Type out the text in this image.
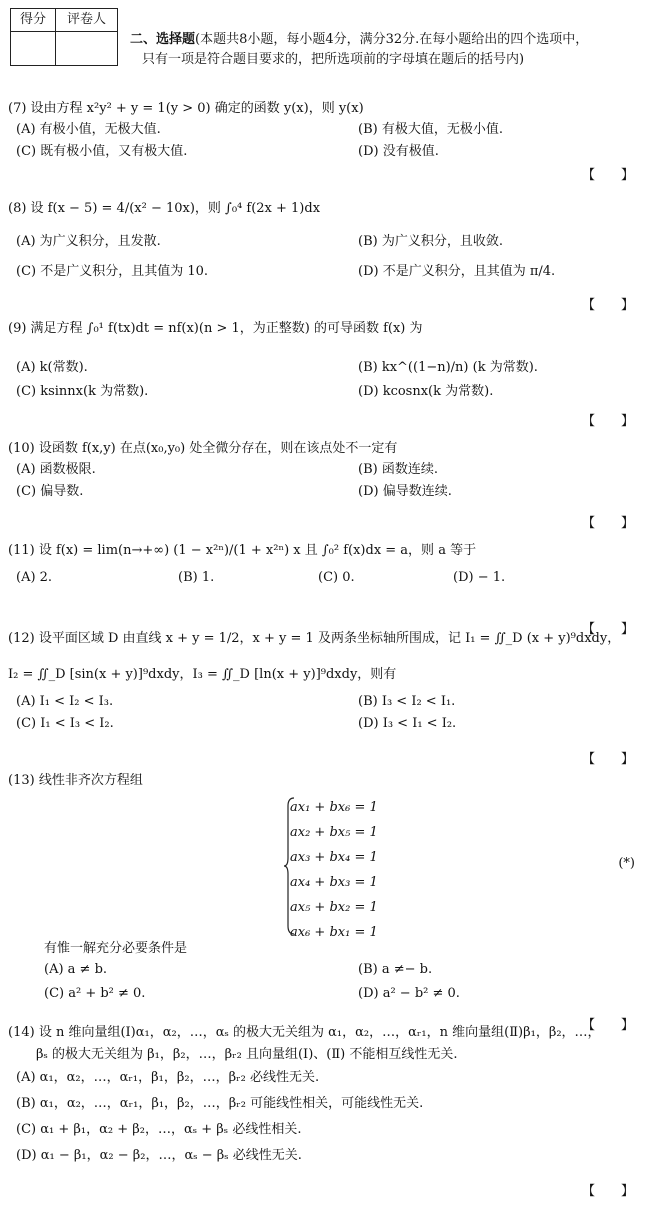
得分	评卷人
二、选择题(本题共8小题，每小题4分，满分32分.在每小题给出的四个选项中，
只有一项是符合题目要求的，把所选项前的字母填在题后的括号内)
(7) 设由方程 x²y² + y = 1(y > 0) 确定的函数 y(x)，则 y(x)
(A) 有极小值，无极大值.	(B) 有极大值，无极小值.
(C) 既有极小值，又有极大值.	(D) 没有极值.
【　　】
(8) 设 f(x − 5) = 4/(x² − 10x)，则 ∫₀⁴ f(2x + 1)dx
(A) 为广义积分，且发散.	(B) 为广义积分，且收敛.
(C) 不是广义积分，且其值为 10.	(D) 不是广义积分，且其值为 π/4.
【　　】
(9) 满足方程 ∫₀¹ f(tx)dt = nf(x)(n > 1，为正整数) 的可导函数 f(x) 为
(A) k(常数).	(B) kx^((1−n)/n) (k 为常数).
(C) ksinnx(k 为常数).	(D) kcosnx(k 为常数).
【　　】
(10) 设函数 f(x,y) 在点(x₀,y₀) 处全微分存在，则在该点处不一定有
(A) 函数极限.	(B) 函数连续.
(C) 偏导数.	(D) 偏导数连续.
【　　】
(11) 设 f(x) = lim(n→+∞) (1 − x²ⁿ)/(1 + x²ⁿ) x 且 ∫₀² f(x)dx = a，则 a 等于
(A) 2.	(B) 1.	(C) 0.	(D) − 1.
【　　】
(12) 设平面区域 D 由直线 x + y = 1/2，x + y = 1 及两条坐标轴所围成，记 I₁ = ∬_D (x + y)⁹dxdy，
I₂ = ∬_D [sin(x + y)]⁹dxdy，I₃ = ∬_D [ln(x + y)]⁹dxdy，则有
(A) I₁ < I₂ < I₃.	(B) I₃ < I₂ < I₁.
(C) I₁ < I₃ < I₂.	(D) I₃ < I₁ < I₂.
【　　】
(13) 线性非齐次方程组
ax₁ + bx₆ = 1
ax₂ + bx₅ = 1
ax₃ + bx₄ = 1
ax₄ + bx₃ = 1
ax₅ + bx₂ = 1
ax₆ + bx₁ = 1
(*)
有惟一解充分必要条件是
(A) a ≠ b.	(B) a ≠− b.
(C) a² + b² ≠ 0.	(D) a² − b² ≠ 0.
【　　】
(14) 设 n 维向量组(Ⅰ)α₁，α₂，…，αₛ 的极大无关组为 α₁，α₂，…，αᵣ₁，n 维向量组(Ⅱ)β₁，β₂，…，
βₛ 的极大无关组为 β₁，β₂，…，βᵣ₂ 且向量组(Ⅰ)、(Ⅱ) 不能相互线性无关.
(A) α₁，α₂，…，αᵣ₁，β₁，β₂，…，βᵣ₂ 必线性无关.
(B) α₁，α₂，…，αᵣ₁，β₁，β₂，…，βᵣ₂ 可能线性相关，可能线性无关.
(C) α₁ + β₁，α₂ + β₂，…，αₛ + βₛ 必线性相关.
(D) α₁ − β₁，α₂ − β₂，…，αₛ − βₛ 必线性无关.
【　　】
